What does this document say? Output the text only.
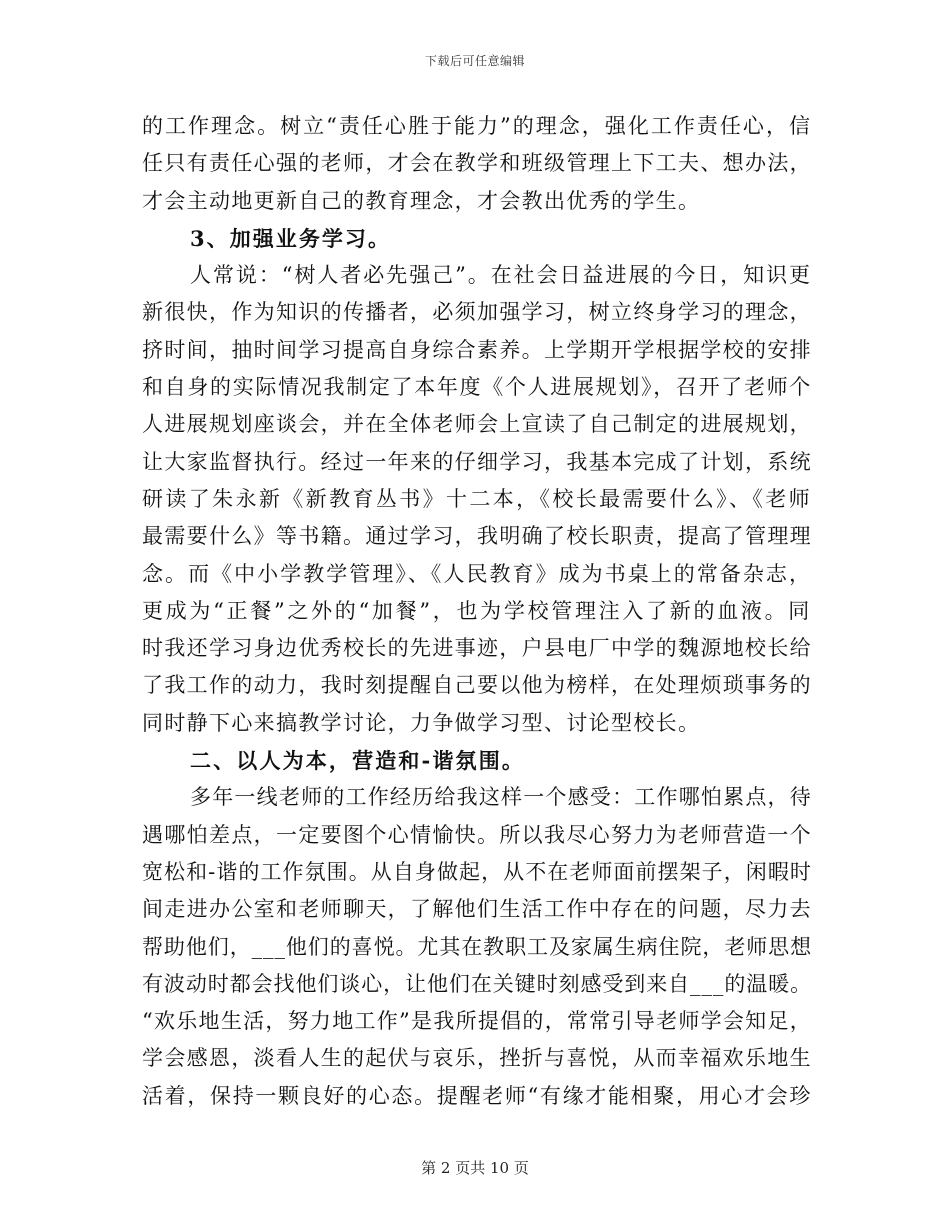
下载后可任意编辑
的工作理念。树立“责任心胜于能力”的理念，强化工作责任心，信
任只有责任心强的老师，才会在教学和班级管理上下工夫、想办法，
才会主动地更新自己的教育理念，才会教出优秀的学生。
3、加强业务学习。
人常说：“树人者必先强己”。在社会日益进展的今日，知识更
新很快，作为知识的传播者，必须加强学习，树立终身学习的理念，
挤时间，抽时间学习提高自身综合素养。上学期开学根据学校的安排
和自身的实际情况我制定了本年度《个人进展规划》，召开了老师个
人进展规划座谈会，并在全体老师会上宣读了自己制定的进展规划，
让大家监督执行。经过一年来的仔细学习，我基本完成了计划，系统
研读了朱永新《新教育丛书》十二本，《校长最需要什么》、《老师
最需要什么》等书籍。通过学习，我明确了校长职责，提高了管理理
念。而《中小学教学管理》、《人民教育》成为书桌上的常备杂志，
更成为“正餐”之外的“加餐”，也为学校管理注入了新的血液。同
时我还学习身边优秀校长的先进事迹，户县电厂中学的魏源地校长给
了我工作的动力，我时刻提醒自己要以他为榜样，在处理烦琐事务的
同时静下心来搞教学讨论，力争做学习型、讨论型校长。
二、以人为本，营造和-谐氛围。
多年一线老师的工作经历给我这样一个感受：工作哪怕累点，待
遇哪怕差点，一定要图个心情愉快。所以我尽心努力为老师营造一个
宽松和-谐的工作氛围。从自身做起，从不在老师面前摆架子，闲暇时
间走进办公室和老师聊天，了解他们生活工作中存在的问题，尽力去
帮助他们，___他们的喜悦。尤其在教职工及家属生病住院，老师思想
有波动时都会找他们谈心，让他们在关键时刻感受到来自___的温暖。
“欢乐地生活，努力地工作”是我所提倡的，常常引导老师学会知足，
学会感恩，淡看人生的起伏与哀乐，挫折与喜悦，从而幸福欢乐地生
活着，保持一颗良好的心态。提醒老师“有缘才能相聚，用心才会珍
第 2 页共 10 页
